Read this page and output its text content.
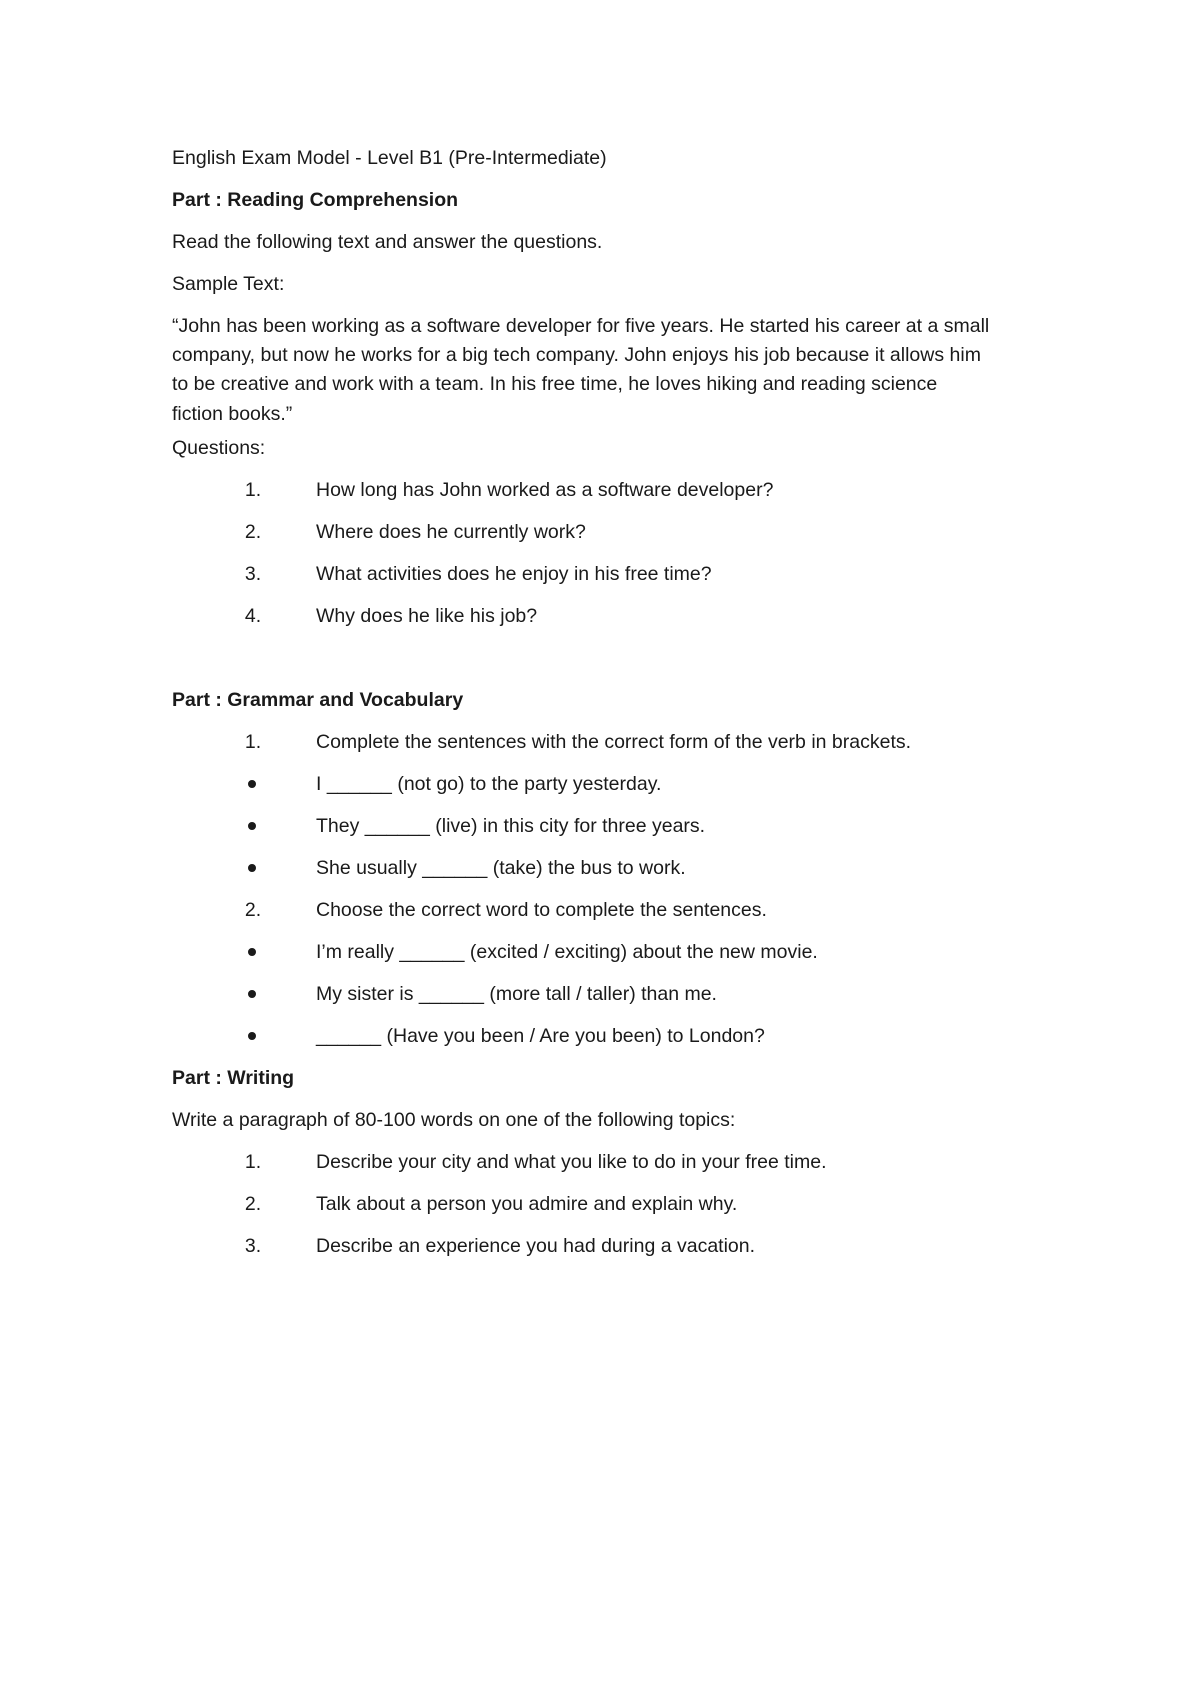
English Exam Model - Level B1 (Pre-Intermediate)
Part : Reading Comprehension
Read the following text and answer the questions.
Sample Text:
“John has been working as a software developer for five years. He started his career at a small
company, but now he works for a big tech company. John enjoys his job because it allows him
to be creative and work with a team. In his free time, he loves hiking and reading science
fiction books.”
Questions:
1.	How long has John worked as a software developer?
2.	Where does he currently work?
3.	What activities does he enjoy in his free time?
4.	Why does he like his job?
Part : Grammar and Vocabulary
1.	Complete the sentences with the correct form of the verb in brackets.
I ______ (not go) to the party yesterday.
They ______ (live) in this city for three years.
She usually ______ (take) the bus to work.
2.	Choose the correct word to complete the sentences.
I’m really ______ (excited / exciting) about the new movie.
My sister is ______ (more tall / taller) than me.
______ (Have you been / Are you been) to London?
Part : Writing
Write a paragraph of 80-100 words on one of the following topics:
1.	Describe your city and what you like to do in your free time.
2.	Talk about a person you admire and explain why.
3.	Describe an experience you had during a vacation.
